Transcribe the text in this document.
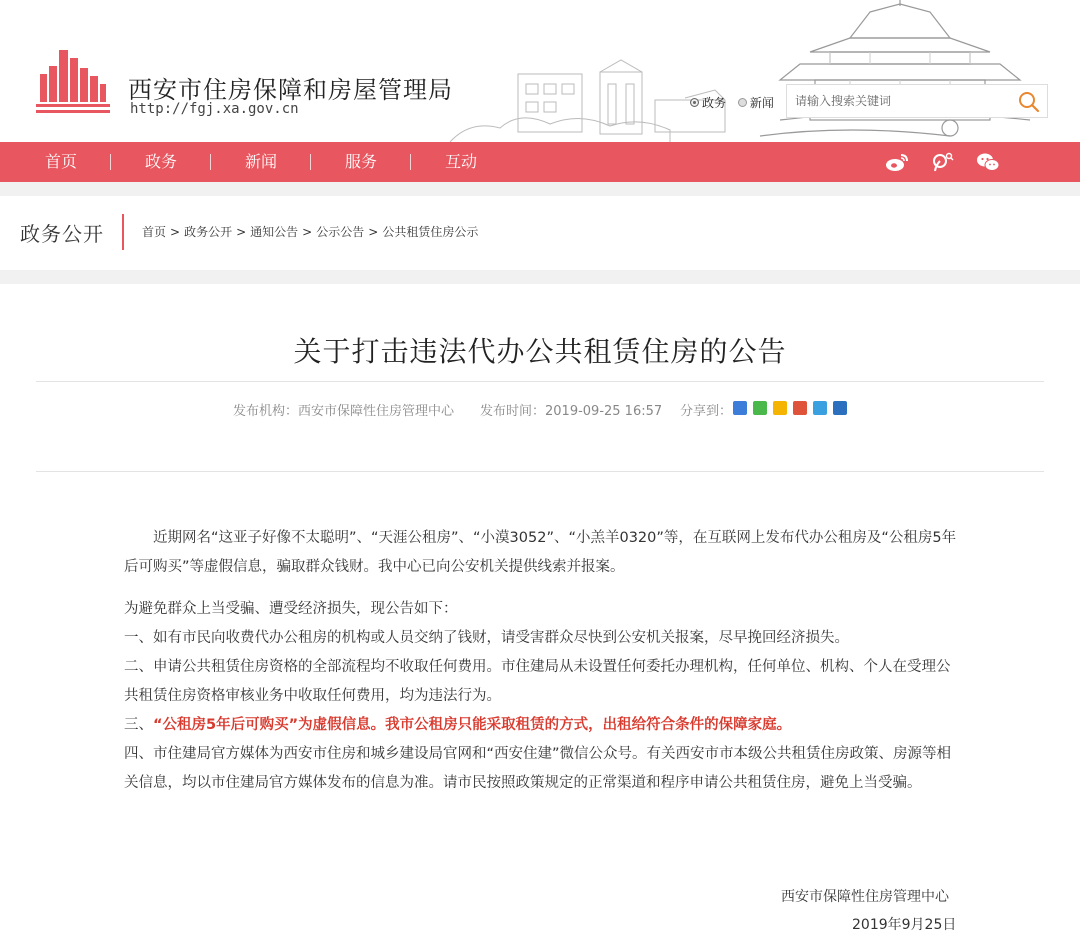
西安市住房保障和房屋管理局
http://fgj.xa.gov.cn	政务
新闻
请输入搜索关键词
首页	政务	新闻	服务	互动
政务公开	首页 > 政务公开 > 通知公告 > 公示公告 > 公共租赁住房公示
关于打击违法代办公共租赁住房的公告
发布机构：西安市保障性住房管理中心 发布时间：2019-09-25 16:57 分享到：
近期网名“这亚子好像不太聪明”、“天涯公租房”、“小漠3052”、“小羔羊0320”等，在互联网上发布代办公租房及“公租房5年后可购买”等虚假信息，骗取群众钱财。我中心已向公安机关提供线索并报案。
为避免群众上当受骗、遭受经济损失，现公告如下：
一、如有市民向收费代办公租房的机构或人员交纳了钱财，请受害群众尽快到公安机关报案，尽早挽回经济损失。
二、申请公共租赁住房资格的全部流程均不收取任何费用。市住建局从未设置任何委托办理机构，任何单位、机构、个人在受理公共租赁住房资格审核业务中收取任何费用，均为违法行为。
三、“公租房5年后可购买”为虚假信息。我市公租房只能采取租赁的方式，出租给符合条件的保障家庭。
四、市住建局官方媒体为西安市住房和城乡建设局官网和“西安住建”微信公众号。有关西安市市本级公共租赁住房政策、房源等相关信息，均以市住建局官方媒体发布的信息为准。请市民按照政策规定的正常渠道和程序申请公共租赁住房，避免上当受骗。
西安市保障性住房管理中心
2019年9月25日
